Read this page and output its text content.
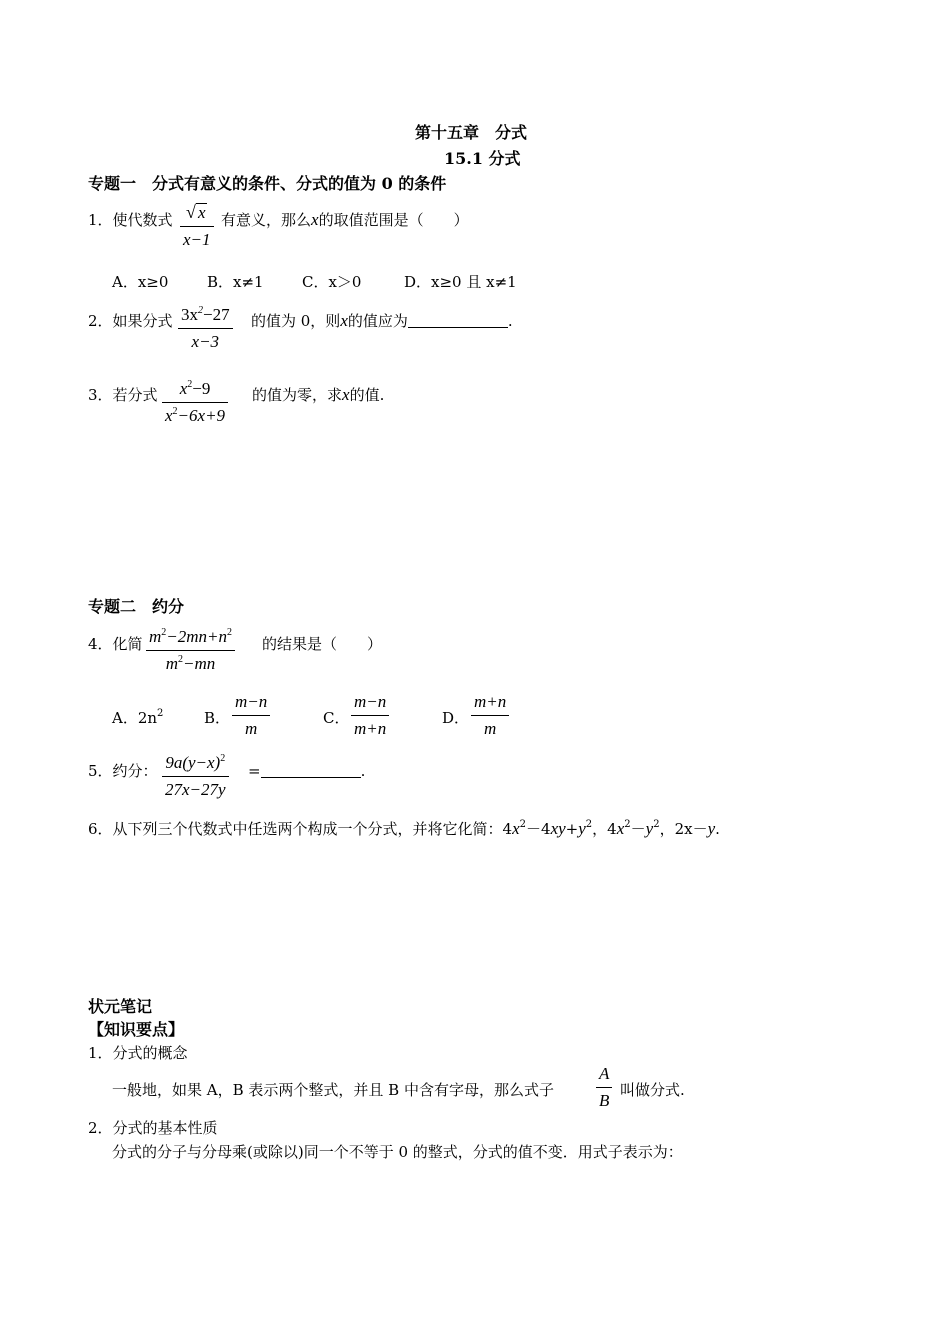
第十五章　分式
15.1 分式
专题一　分式有意义的条件、分式的值为 0 的条件
1．使代数式 √ x
x−1
有意义，那么x的取值范围是（　　）
A．x≥0	B．x≠1	C．x＞0	D．x≥0 且 x≠1
2．如果分式 $3x^2-27$
x−3
的值为 0，则x的值应为	.
3．若分式 $x^2-9$
$x^2-6x+9$
的值为零，求x的值.
专题二　约分
4．化简 $m^2-2mn+n^2$
$m^2-mn$
的结果是（　　）
A．$2n^2$	B．
m−n
m
C．
m−n
m+n
D．
m+n
m
5．约分： $9a(y-x)^2$
27x−27y
=	.
6．从下列三个代数式中任选两个构成一个分式，并将它化简：$4x^2-4xy+y^2$，$4x^2-y^2$，2x－y.
状元笔记
【知识要点】
1．分式的概念
一般地，如果 A，B 表示两个整式，并且 B 中含有字母，那么式子
A
B
叫做分式.
2．分式的基本性质
分式的分子与分母乘(或除以)同一个不等于 0 的整式，分式的值不变．用式子表示为：
